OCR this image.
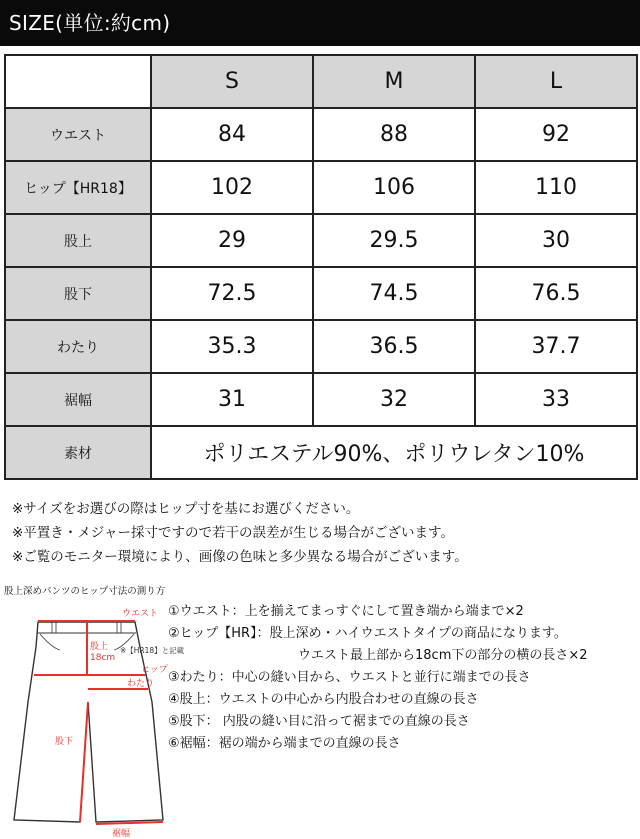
SIZE(単位:約cm)
	S	M	L
ウエスト	84	88	92
ヒップ【HR18】	102	106	110
股上	29	29.5	30
股下	72.5	74.5	76.5
わたり	35.3	36.5	37.7
裾幅	31	32	33
素材	ポリエステル90%、ポリウレタン10%		
※サイズをお選びの際はヒップ寸を基にお選びください。
※平置き・メジャー採寸ですので若干の誤差が生じる場合がございます。
※ご覧のモニター環境により、画像の色味と多少異なる場合がございます。
股上深めパンツのヒップ寸法の測り方
ウエスト
股上
18cm
※【HR18】と記載
ヒップ
わたり
股下
裾幅
①ウエスト：上を揃えてまっすぐにして置き端から端まで×2
②ヒップ【HR】：股上深め・ハイウエストタイプの商品になります。
ウエスト最上部から18cm下の部分の横の長さ×2
③わたり：中心の縫い目から、ウエストと並行に端までの長さ
④股上：ウエストの中心から内股合わせの直線の長さ
⑤股下： 内股の縫い目に沿って裾までの直線の長さ
⑥裾幅：裾の端から端までの直線の長さ
